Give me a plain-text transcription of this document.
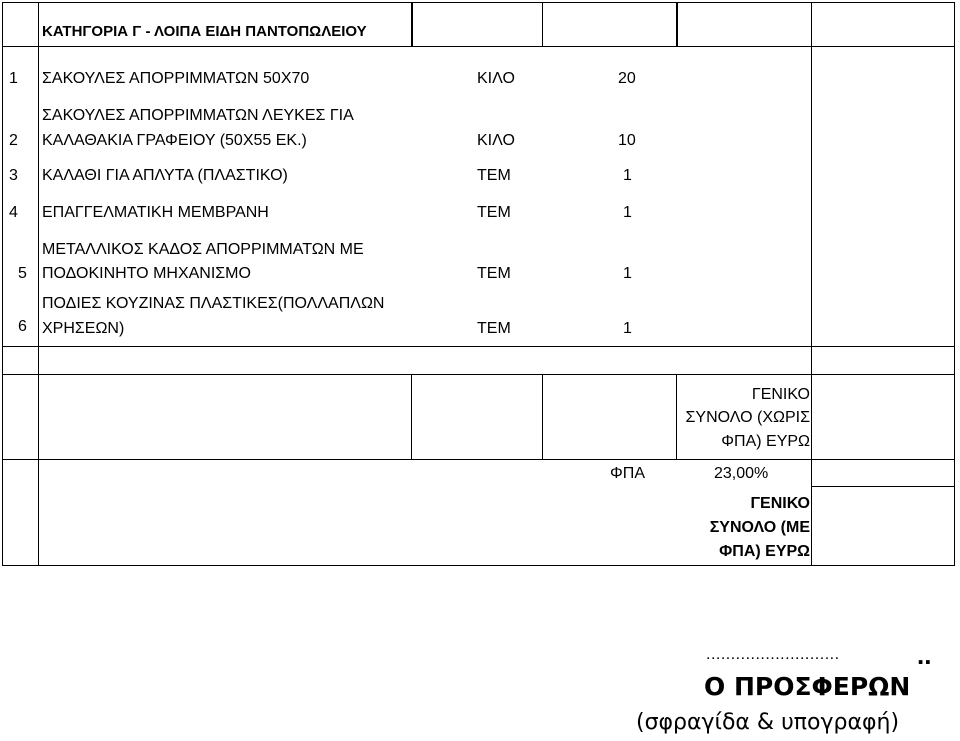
ΚΑΤΗΓΟΡΙΑ Γ - ΛΟΙΠΑ ΕΙΔΗ ΠΑΝΤΟΠΩΛΕΙΟΥ
1 ΣΑΚΟΥΛΕΣ ΑΠΟΡΡΙΜΜΑΤΩΝ 50Χ70	ΚΙΛΟ	20
ΣΑΚΟΥΛΕΣ ΑΠΟΡΡΙΜΜΑΤΩΝ ΛΕΥΚΕΣ ΓΙΑ
2 ΚΑΛΑΘΑΚΙΑ ΓΡΑΦΕΙΟΥ (50Χ55 ΕΚ.)	ΚΙΛΟ	10
3 ΚΑΛΑΘΙ ΓΙΑ ΑΠΛΥΤΑ (ΠΛΑΣΤΙΚΟ)	ΤΕΜ	1
4 ΕΠΑΓΓΕΛΜΑΤΙΚΗ ΜΕΜΒΡΑΝΗ	ΤΕΜ	1
ΜΕΤΑΛΛΙΚΟΣ ΚΑΔΟΣ ΑΠΟΡΡΙΜΜΑΤΩΝ ΜΕ
5 ΠΟΔΟΚΙΝΗΤΟ ΜΗΧΑΝΙΣΜΟ	ΤΕΜ	1
ΠΟΔΙΕΣ ΚΟΥΖΙΝΑΣ ΠΛΑΣΤΙΚΕΣ(ΠΟΛΛΑΠΛΩΝ
6 ΧΡΗΣΕΩΝ)	ΤΕΜ	1
ΓΕΝΙΚΟ
ΣΥΝΟΛΟ (ΧΩΡΙΣ
ΦΠΑ) ΕΥΡΩ
ΦΠΑ	23,00%
ΓΕΝΙΚΟ
ΣΥΝΟΛΟ (ΜΕ
ΦΠΑ) ΕΥΡΩ
...........................	..
Ο ΠΡΟΣΦΕΡΩΝ
(σφραγίδα & υπογραφή)
